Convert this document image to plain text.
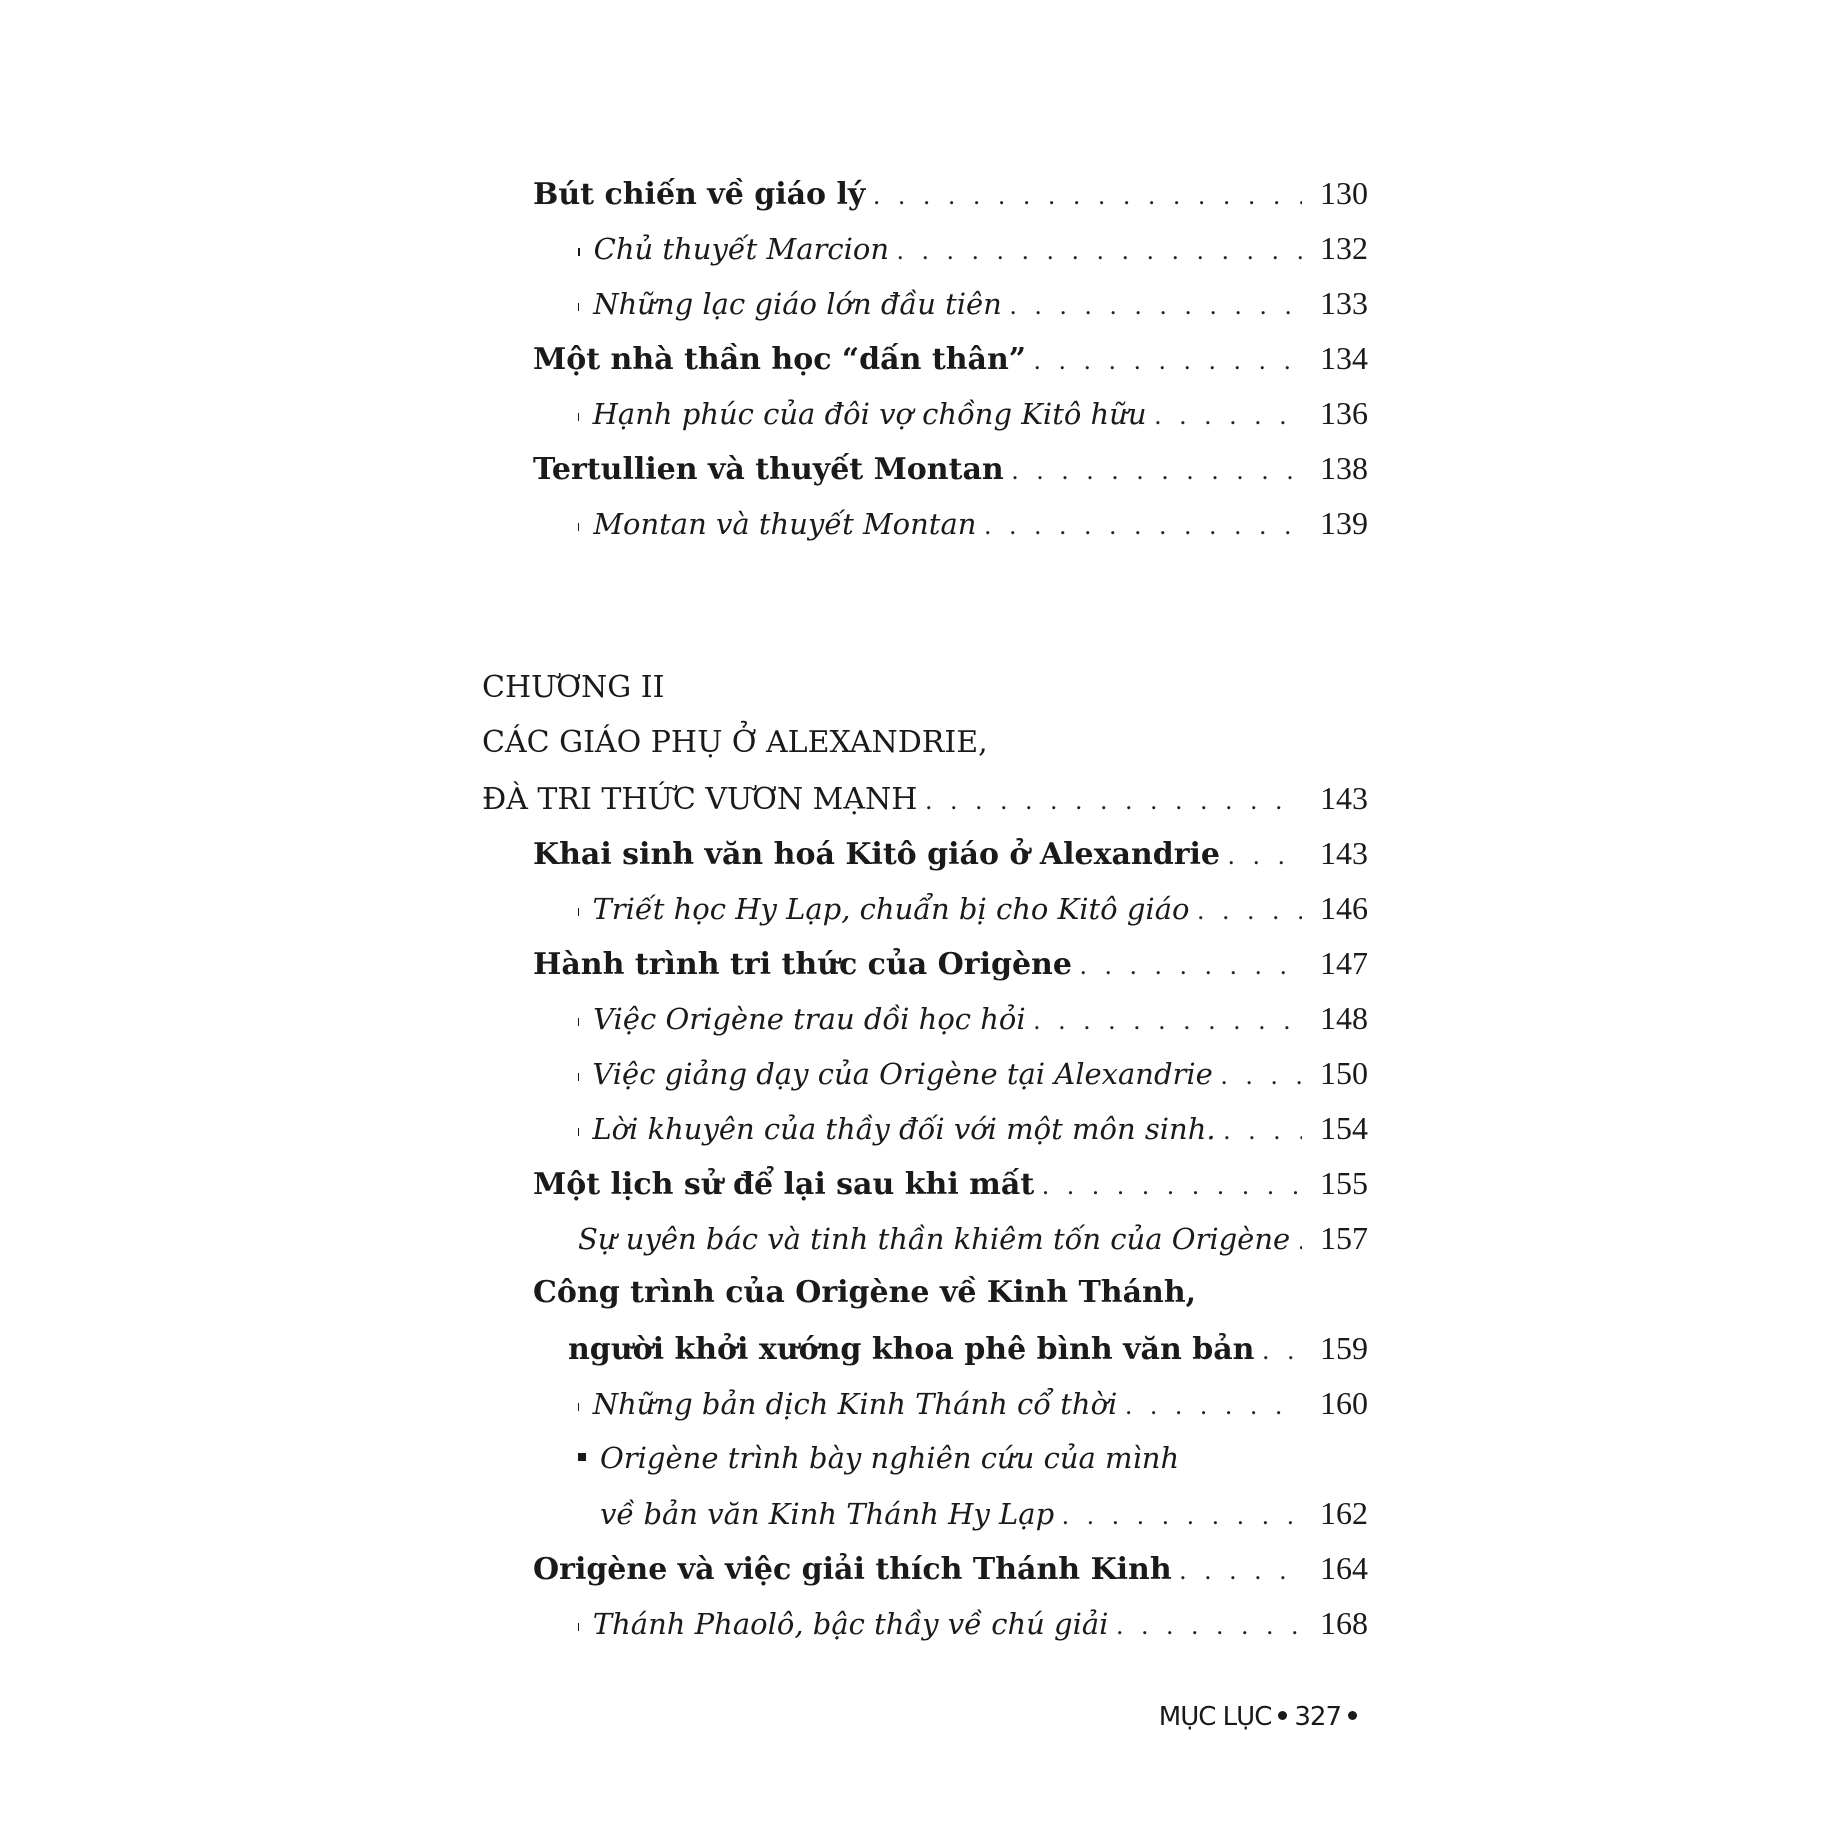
Bút chiến về giáo lý . . .	130
Chủ thuyết Marcion . . .	132
Những lạc giáo lớn đầu tiên . . .	133
Một nhà thần học “dấn thân” . . .	134
Hạnh phúc của đôi vợ chồng Kitô hữu . . .	136
Tertullien và thuyết Montan . . .	138
Montan và thuyết Montan . . .	139
CHƯƠNG II
CÁC GIÁO PHỤ Ở ALEXANDRIE,
ĐÀ TRI THỨC VƯƠN MẠNH . . .	143
Khai sinh văn hoá Kitô giáo ở Alexandrie . . .	143
Triết học Hy Lạp, chuẩn bị cho Kitô giáo . . .	146
Hành trình tri thức của Origène . . .	147
Việc Origène trau dồi học hỏi . . .	148
Việc giảng dạy của Origène tại Alexandrie . . .	150
Lời khuyên của thầy đối với một môn sinh. . . .	154
Một lịch sử để lại sau khi mất . . .	155
Sự uyên bác và tinh thần khiêm tốn của Origène . . . 157
Công trình của Origène về Kinh Thánh,
người khởi xướng khoa phê bình văn bản . . .	159
Những bản dịch Kinh Thánh cổ thời . . .	160
Origène trình bày nghiên cứu của mình
về bản văn Kinh Thánh Hy Lạp . . .	162
Origène và việc giải thích Thánh Kinh . . .	164
Thánh Phaolô, bậc thầy về chú giải . . .	168
MỤC LỤC 327
